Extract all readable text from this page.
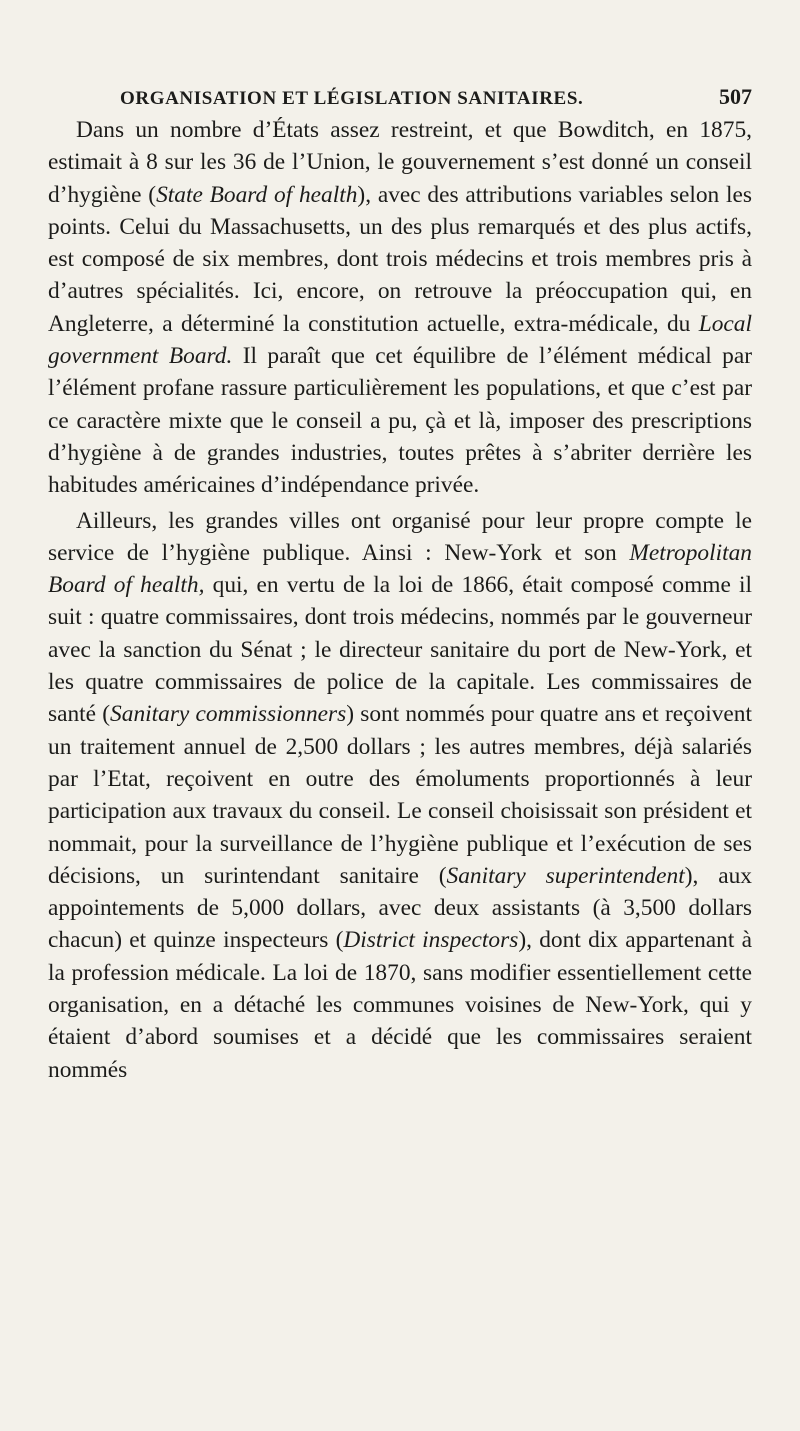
ORGANISATION ET LÉGISLATION SANITAIRES.	507

Dans un nombre d’États assez restreint, et que Bowditch, en 1875, estimait à 8 sur les 36 de l’Union, le gouvernement s’est donné un conseil d’hygiène (State Board of health), avec des attributions variables selon les points. Celui du Massachusetts, un des plus remarqués et des plus actifs, est composé de six membres, dont trois médecins et trois membres pris à d’autres spécialités. Ici, encore, on retrouve la préoccupation qui, en Angleterre, a déterminé la constitution actuelle, extra-médicale, du Local government Board. Il paraît que cet équilibre de l’élément médical par l’élément profane rassure particulièrement les populations, et que c’est par ce caractère mixte que le conseil a pu, çà et là, imposer des prescriptions d’hygiène à de grandes industries, toutes prêtes à s’abriter derrière les habitudes américaines d’indépendance privée.

Ailleurs, les grandes villes ont organisé pour leur propre compte le service de l’hygiène publique. Ainsi : New-York et son Metropolitan Board of health, qui, en vertu de la loi de 1866, était composé comme il suit : quatre commissaires, dont trois médecins, nommés par le gouverneur avec la sanction du Sénat ; le directeur sanitaire du port de New-York, et les quatre commissaires de police de la capitale. Les commissaires de santé (Sanitary commissionners) sont nommés pour quatre ans et reçoivent un traitement annuel de 2,500 dollars ; les autres membres, déjà salariés par l’Etat, reçoivent en outre des émoluments proportionnés à leur participation aux travaux du conseil. Le conseil choisissait son président et nommait, pour la surveillance de l’hygiène publique et l’exécution de ses décisions, un surintendant sanitaire (Sanitary superintendent), aux appointements de 5,000 dollars, avec deux assistants (à 3,500 dollars chacun) et quinze inspecteurs (District inspectors), dont dix appartenant à la profession médicale. La loi de 1870, sans modifier essentiellement cette organisation, en a détaché les communes voisines de New-York, qui y étaient d’abord soumises et a décidé que les commissaires seraient nommés
